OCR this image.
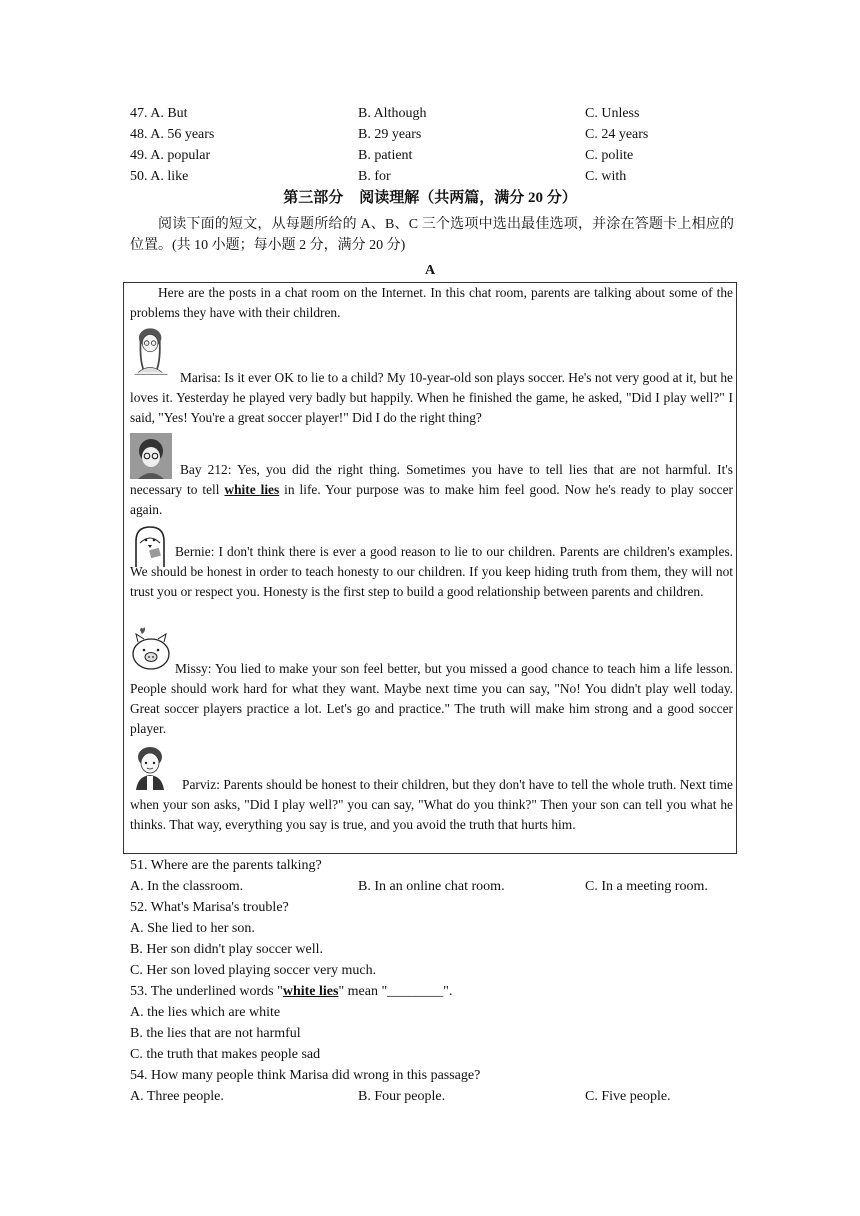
47. A. But	B. Although	C. Unless
48. A. 56 years	B. 29 years	C. 24 years
49. A. popular	B. patient	C. polite
50. A. like	B. for	C. with
第三部分 阅读理解（共两篇，满分 20 分）
阅读下面的短文，从每题所给的 A、B、C 三个选项中选出最佳选项，并涂在答题卡上相应的位置。(共 10 小题；每小题 2 分，满分 20 分)
A
Here are the posts in a chat room on the Internet. In this chat room, parents are talking about some of the problems they have with their children.
Marisa: Is it ever OK to lie to a child? My 10-year-old son plays soccer. He's not very good at it, but he loves it. Yesterday he played very badly but happily. When he finished the game, he asked, "Did I play well?" I said, "Yes! You're a great soccer player!" Did I do the right thing?
Bay 212: Yes, you did the right thing. Sometimes you have to tell lies that are not harmful. It's necessary to tell white lies in life. Your purpose was to make him feel good. Now he's ready to play soccer again.
Bernie: I don't think there is ever a good reason to lie to our children. Parents are children's examples. We should be honest in order to teach honesty to our children. If you keep hiding truth from them, they will not trust you or respect you. Honesty is the first step to build a good relationship between parents and children.
Missy: You lied to make your son feel better, but you missed a good chance to teach him a life lesson. People should work hard for what they want. Maybe next time you can say, "No! You didn't play well today. Great soccer players practice a lot. Let's go and practice." The truth will make him strong and a good soccer player.
Parviz: Parents should be honest to their children, but they don't have to tell the whole truth. Next time when your son asks, "Did I play well?" you can say, "What do you think?" Then your son can tell you what he thinks. That way, everything you say is true, and you avoid the truth that hurts him.
51. Where are the parents talking?
A. In the classroom.	B. In an online chat room.	C. In a meeting room.
52. What's Marisa's trouble?
A. She lied to her son.
B. Her son didn't play soccer well.
C. Her son loved playing soccer very much.
53. The underlined words "white lies" mean "________".
A. the lies which are white
B. the lies that are not harmful
C. the truth that makes people sad
54. How many people think Marisa did wrong in this passage?
A. Three people.	B. Four people.	C. Five people.
